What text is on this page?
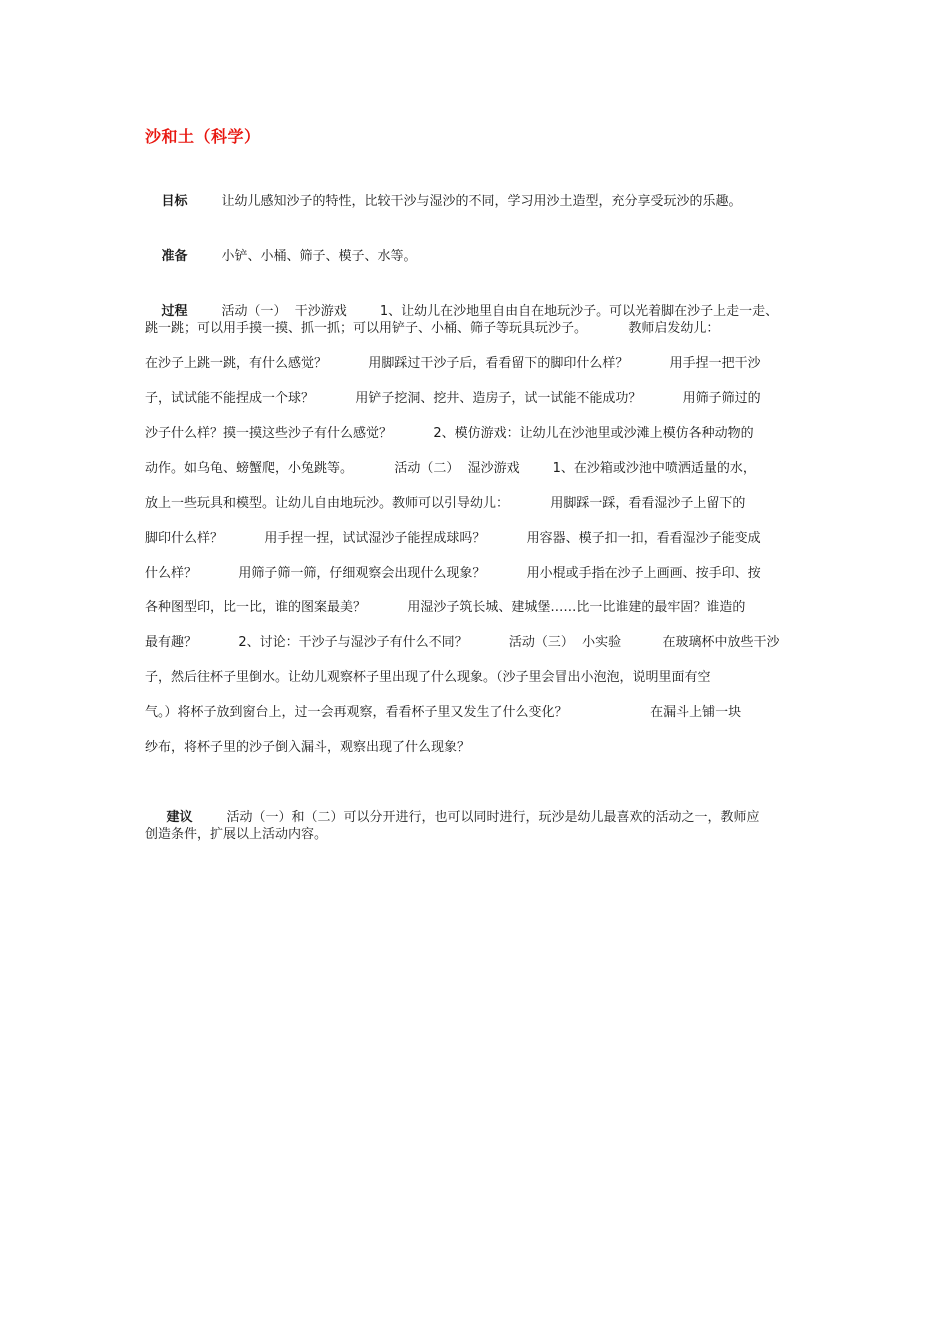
沙和土（科学）

目标	让幼儿感知沙子的特性，比较干沙与湿沙的不同，学习用沙土造型，充分享受玩沙的乐趣。

准备	小铲、小桶、筛子、模子、水等。

过程	活动（一）  干沙游戏        1、让幼儿在沙地里自由自在地玩沙子。可以光着脚在沙子上走一走、

跳一跳；可以用手摸一摸、抓一抓；可以用铲子、小桶、筛子等玩具玩沙子。          教师启发幼儿：
在沙子上跳一跳，有什么感觉？          用脚踩过干沙子后，看看留下的脚印什么样？          用手捏一把干沙
子，试试能不能捏成一个球？          用铲子挖洞、挖井、造房子，试一试能不能成功？          用筛子筛过的
沙子什么样？摸一摸这些沙子有什么感觉？          2、模仿游戏：让幼儿在沙池里或沙滩上模仿各种动物的
动作。如乌龟、螃蟹爬，小兔跳等。          活动（二）  湿沙游戏        1、在沙箱或沙池中喷洒适量的水，
放上一些玩具和模型。让幼儿自由地玩沙。教师可以引导幼儿：          用脚踩一踩，看看湿沙子上留下的
脚印什么样？          用手捏一捏，试试湿沙子能捏成球吗？          用容器、模子扣一扣，看看湿沙子能变成
什么样？          用筛子筛一筛，仔细观察会出现什么现象？          用小棍或手指在沙子上画画、按手印、按
各种图型印，比一比，谁的图案最美？          用湿沙子筑长城、建城堡……比一比谁建的最牢固？谁造的
最有趣？          2、讨论：干沙子与湿沙子有什么不同？          活动（三）  小实验          在玻璃杯中放些干沙
子，然后往杯子里倒水。让幼儿观察杯子里出现了什么现象。（沙子里会冒出小泡泡，说明里面有空
气。）将杯子放到窗台上，过一会再观察，看看杯子里又发生了什么变化？                    在漏斗上铺一块
纱布，将杯子里的沙子倒入漏斗，观察出现了什么现象？

建议	活动（一）和（二）可以分开进行，也可以同时进行，玩沙是幼儿最喜欢的活动之一，教师应

创造条件，扩展以上活动内容。
